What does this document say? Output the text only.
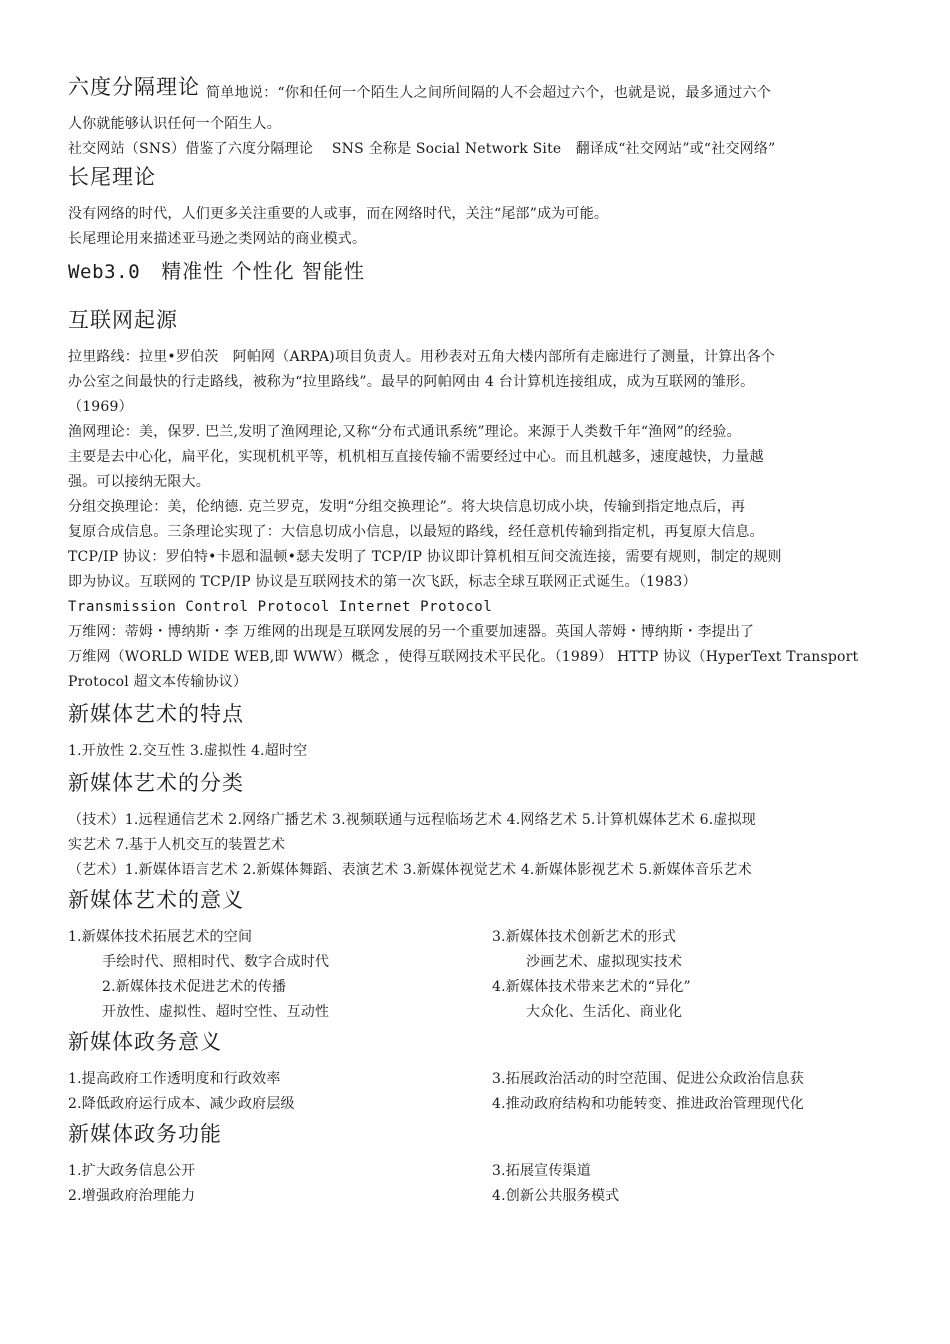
六度分隔理论 简单地说：“你和任何一个陌生人之间所间隔的人不会超过六个，也就是说，最多通过六个

人你就能够认识任何一个陌生人。

社交网站（SNS）借鉴了六度分隔理论　 SNS 全称是 Social Network Site　翻译成“社交网站”或“社交网络”

长尾理论

没有网络的时代，人们更多关注重要的人或事，而在网络时代，关注“尾部”成为可能。

长尾理论用来描述亚马逊之类网站的商业模式。

Web3.0　精准性 个性化 智能性
互联网起源

拉里路线：拉里•罗伯茨　阿帕网（ARPA)项目负责人。用秒表对五角大楼内部所有走廊进行了测量，计算出各个

办公室之间最快的行走路线，被称为“拉里路线”。最早的阿帕网由 4 台计算机连接组成，成为互联网的雏形。

（1969）

渔网理论：美，保罗. 巴兰,发明了渔网理论,又称“分布式通讯系统”理论。来源于人类数千年“渔网”的经验。

主要是去中心化，扁平化，实现机机平等，机机相互直接传输不需要经过中心。而且机越多，速度越快，力量越

强。可以接纳无限大。

分组交换理论：美，伦纳德. 克兰罗克，发明“分组交换理论”。将大块信息切成小块，传输到指定地点后，再

复原合成信息。三条理论实现了：大信息切成小信息，以最短的路线，经任意机传输到指定机，再复原大信息。

TCP/IP 协议：罗伯特•卡恩和温顿•瑟夫发明了 TCP/IP 协议即计算机相互间交流连接，需要有规则，制定的规则

即为协议。互联网的 TCP/IP 协议是互联网技术的第一次飞跃，标志全球互联网正式诞生。（1983）

Transmission Control Protocol Internet Protocol

万维网：蒂姆・博纳斯・李 万维网的出现是互联网发展的另一个重要加速器。英国人蒂姆・博纳斯・李提出了

万维网（WORLD WIDE WEB,即 WWW）概念 ，使得互联网技术平民化。（1989） HTTP 协议（HyperText Transport

Protocol 超文本传输协议）

新媒体艺术的特点

1.开放性 2.交互性 3.虚拟性 4.超时空

新媒体艺术的分类

（技术）1.远程通信艺术 2.网络广播艺术 3.视频联通与远程临场艺术 4.网络艺术 5.计算机媒体艺术 6.虚拟现

实艺术 7.基于人机交互的装置艺术

（艺术）1.新媒体语言艺术 2.新媒体舞蹈、表演艺术 3.新媒体视觉艺术 4.新媒体影视艺术 5.新媒体音乐艺术

新媒体艺术的意义

1.新媒体技术拓展艺术的空间

手绘时代、照相时代、数字合成时代

2.新媒体技术促进艺术的传播

开放性、虚拟性、超时空性、互动性

3.新媒体技术创新艺术的形式

沙画艺术、虚拟现实技术

4.新媒体技术带来艺术的“异化”

大众化、生活化、商业化

新媒体政务意义

1.提高政府工作透明度和行政效率

2.降低政府运行成本、减少政府层级

3.拓展政治活动的时空范围、促进公众政治信息获

4.推动政府结构和功能转变、推进政治管理现代化

新媒体政务功能

1.扩大政务信息公开

2.增强政府治理能力

3.拓展宣传渠道

4.创新公共服务模式
